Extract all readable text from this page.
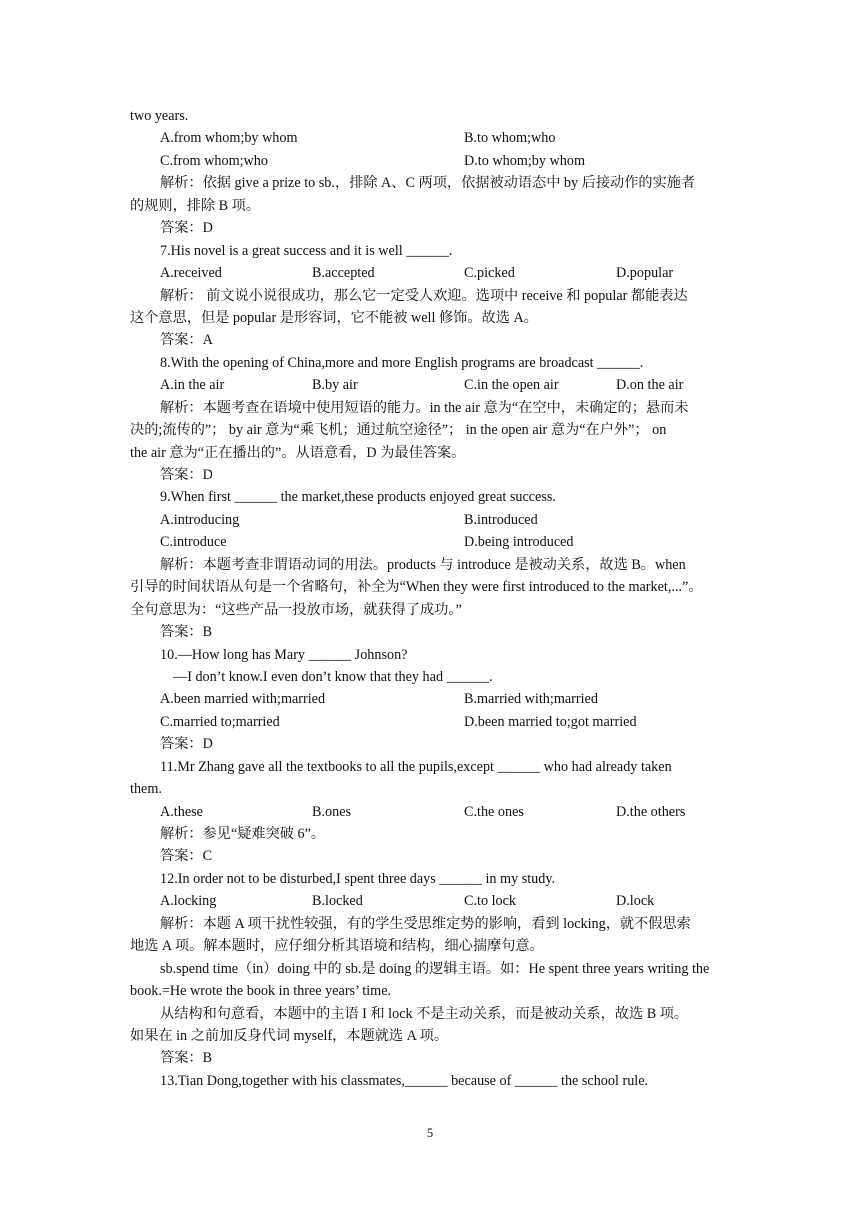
two years.
A.from whom;by whom	B.to whom;who
C.from whom;who	D.to whom;by whom
解析：依据 give a prize to sb.，排除 A、C 两项，依据被动语态中 by 后接动作的实施者
的规则，排除 B 项。
答案：D
7.His novel is a great success and it is well ______.
A.received	B.accepted	C.picked	D.popular
解析： 前文说小说很成功，那么它一定受人欢迎。选项中 receive 和 popular 都能表达
这个意思，但是 popular 是形容词，它不能被 well 修饰。故选 A。
答案：A
8.With the opening of China,more and more English programs are broadcast ______.
A.in the air	B.by air	C.in the open air	D.on the air
解析：本题考查在语境中使用短语的能力。in the air 意为“在空中，未确定的；悬而未
决的;流传的”； by air 意为“乘飞机；通过航空途径”； in the open air 意为“在户外”； on
the air 意为“正在播出的”。从语意看，D 为最佳答案。
答案：D
9.When first ______ the market,these products enjoyed great success.
A.introducing	B.introduced
C.introduce	D.being introduced
解析：本题考查非谓语动词的用法。products 与 introduce 是被动关系，故选 B。when
引导的时间状语从句是一个省略句，补全为“When they were first introduced to the market,...”。
全句意思为：“这些产品一投放市场，就获得了成功。”
答案：B
10.—How long has Mary ______ Johnson?
—I don’t know.I even don’t know that they had ______.
A.been married with;married	B.married with;married
C.married to;married	D.been married to;got married
答案：D
11.Mr Zhang gave all the textbooks to all the pupils,except ______ who had already taken
them.
A.these	B.ones	C.the ones	D.the others
解析：参见“疑难突破 6”。
答案：C
12.In order not to be disturbed,I spent three days ______ in my study.
A.locking	B.locked	C.to lock	D.lock
解析：本题 A 项干扰性较强，有的学生受思维定势的影响，看到 locking，就不假思索
地选 A 项。解本题时，应仔细分析其语境和结构，细心揣摩句意。
sb.spend time（in）doing 中的 sb.是 doing 的逻辑主语。如：He spent three years writing the
book.=He wrote the book in three years’ time.
从结构和句意看，本题中的主语 I 和 lock 不是主动关系，而是被动关系，故选 B 项。
如果在 in 之前加反身代词 myself，本题就选 A 项。
答案：B
13.Tian Dong,together with his classmates,______ because of ______ the school rule.
5
